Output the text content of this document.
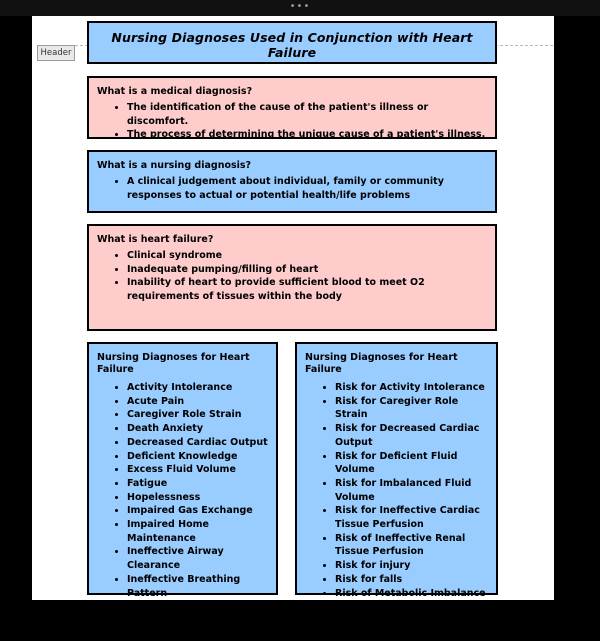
•••
Header
Nursing Diagnoses Used in Conjunction with Heart Failure
What is a medical diagnosis?
• The identification of the cause of the patient's illness or discomfort.
• The process of determining the unique cause of a patient's illness.
What is a nursing diagnosis?
• A clinical judgement about individual, family or community responses to actual or potential health/life problems
What is heart failure?
• Clinical syndrome
• Inadequate pumping/filling of heart
• Inability of heart to provide sufficient blood to meet O2 requirements of tissues within the body
Nursing Diagnoses for Heart Failure
• Activity Intolerance
• Acute Pain
• Caregiver Role Strain
• Death Anxiety
• Decreased Cardiac Output
• Deficient Knowledge
• Excess Fluid Volume
• Fatigue
• Hopelessness
• Impaired Gas Exchange
• Impaired Home Maintenance
• Ineffective Airway Clearance
• Ineffective Breathing Pattern
• Ineffective Tissue Perfusion
• Powerlessness
Nursing Diagnoses for Heart Failure
• Risk for Activity Intolerance
• Risk for Caregiver Role Strain
• Risk for Decreased Cardiac Output
• Risk for Deficient Fluid Volume
• Risk for Imbalanced Fluid Volume
• Risk for Ineffective Cardiac Tissue Perfusion
• Risk of Ineffective Renal Tissue Perfusion
• Risk for injury
• Risk for falls
• Risk of Metabolic Imbalance Syndrome
